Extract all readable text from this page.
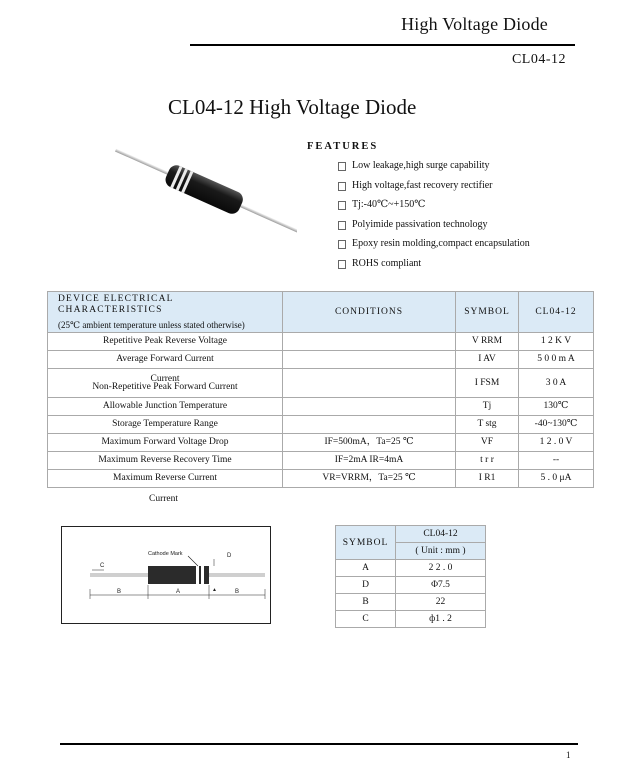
High Voltage Diode
CL04-12
CL04-12 High Voltage Diode
FEATURES
Low leakage,high surge capability
High voltage,fast recovery rectifier
Tj:-40℃~+150℃
Polyimide passivation technology
Epoxy resin molding,compact encapsulation
ROHS compliant
DEVICE ELECTRICAL CHARACTERISTICS
(25℃ ambient temperature unless stated otherwise)	CONDITIONS	SYMBOL	CL04-12
Repetitive Peak Reverse Voltage		V RRM	1 2 K V
Average Forward Current		I AV	5 0 0 m A

Current
Non-Repetitive Peak Forward Current		I FSM	3 0 A
Allowable Junction Temperature		Tj	130℃
Storage Temperature Range		T stg	-40~130℃
Maximum Forward Voltage Drop	IF=500mA，Ta=25 ℃	VF	1 2 . 0 V
Maximum Reverse Recovery Time	IF=2mA IR=4mA	t r r	--
Maximum Reverse Current	VR=VRRM，Ta=25 ℃	I R1	5 . 0 μA
Current
Cathode Mark
C
D
B	A	B
▲
SYMBOL	CL04-12
	( Unit : mm )
A	2 2 . 0
D	Φ7.5
B	22
C	ф1 . 2
1
